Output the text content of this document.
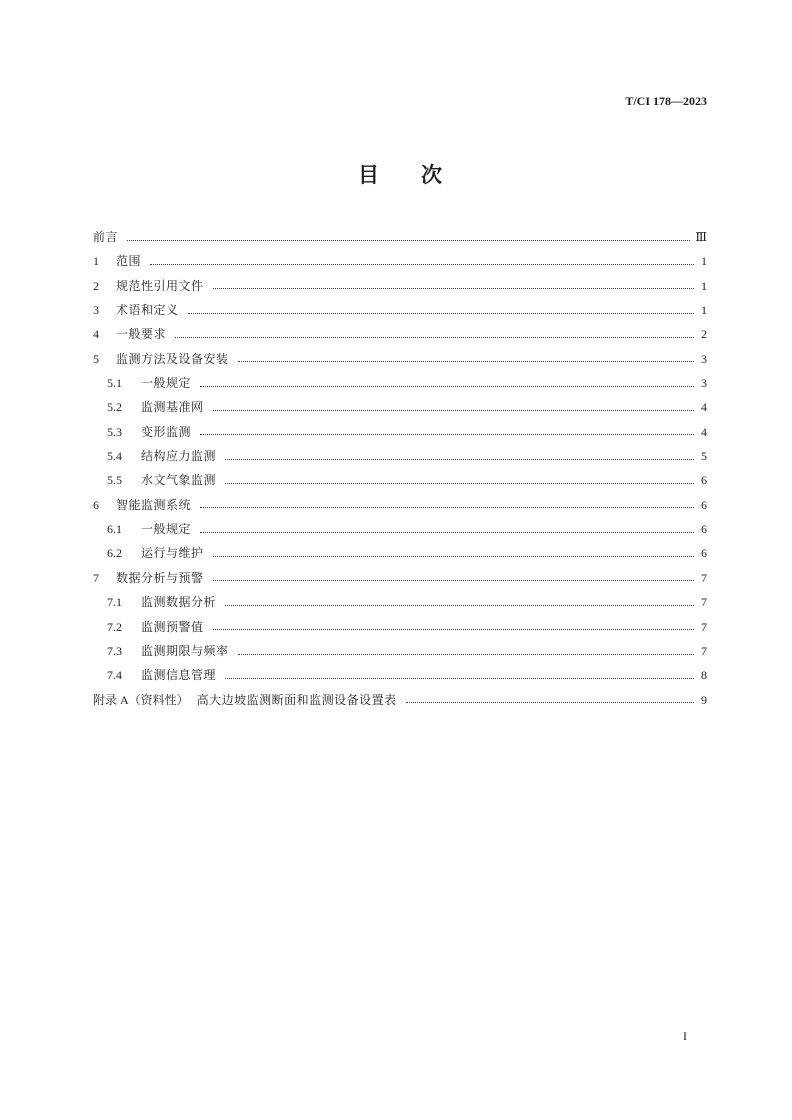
T/CI 178—2023
目　　次
前言	Ⅲ
1	范围	1
2	规范性引用文件	1
3	术语和定义	1
4	一般要求	2
5	监测方法及设备安装	3
5.1	一般规定	3
5.2	监测基准网	4
5.3	变形监测	4
5.4	结构应力监测	5
5.5	水文气象监测	6
6	智能监测系统	6
6.1	一般规定	6
6.2	运行与维护	6
7	数据分析与预警	7
7.1	监测数据分析	7
7.2	监测预警值	7
7.3	监测期限与频率	7
7.4	监测信息管理	8
附录 A（资料性） 高大边坡监测断面和监测设备设置表	9
I
